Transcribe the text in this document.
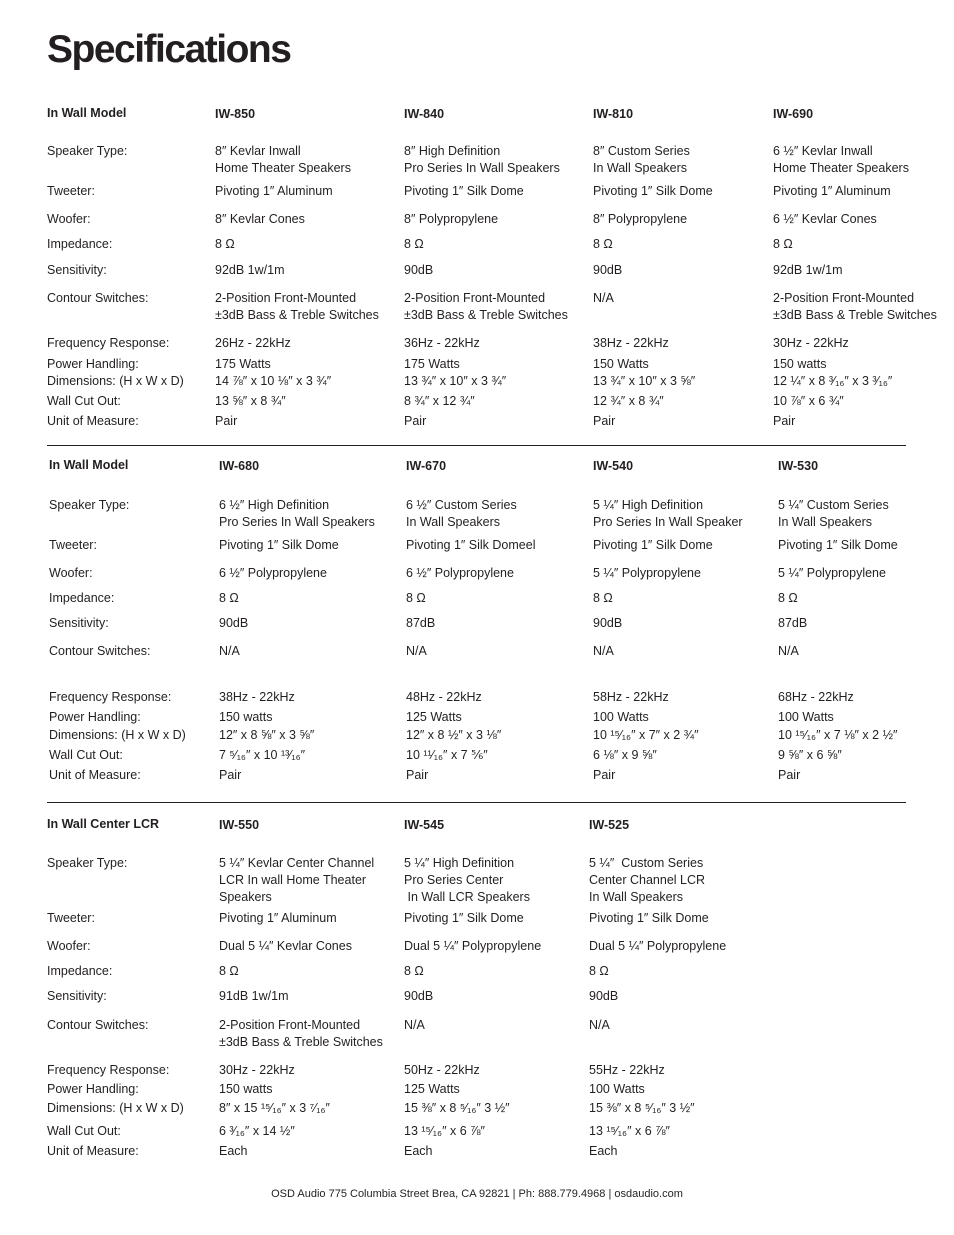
Specifications
In Wall Model
Speaker Type:
Tweeter:
Woofer:
Impedance:
Sensitivity:
Contour Switches:
Frequency Response:
Power Handling:
Dimensions: (H x W x D)
Wall Cut Out:
Unit of Measure:
IW-850
8″ Kevlar Inwall
Home Theater Speakers
Pivoting 1″ Aluminum
8″ Kevlar Cones
8 Ω
92dB 1w/1m
2-Position Front-Mounted
±3dB Bass & Treble Switches
26Hz - 22kHz
175 Watts
14 ⅞″ x 10 ⅛″ x 3 ¾″
13 ⅝″ x 8 ¾″
Pair
IW-840
8″ High Definition
Pro Series In Wall Speakers
Pivoting 1″ Silk Dome
8″ Polypropylene
8 Ω
90dB
2-Position Front-Mounted
±3dB Bass & Treble Switches
36Hz - 22kHz
175 Watts
13 ¾″ x 10″ x 3 ¾″
8 ¾″ x 12 ¾″
Pair
IW-810
8″ Custom Series
In Wall Speakers
Pivoting 1″ Silk Dome
8″ Polypropylene
8 Ω
90dB
N/A
38Hz - 22kHz
150 Watts
13 ¾″ x 10″ x 3 ⅝″
12 ¾″ x 8 ¾″
Pair
IW-690
6 ½″ Kevlar Inwall
Home Theater Speakers
Pivoting 1″ Aluminum
6 ½″ Kevlar Cones
8 Ω
92dB 1w/1m
2-Position Front-Mounted
±3dB Bass & Treble Switches
30Hz - 22kHz
150 watts
12 ¼″ x 8 ³⁄₁₆″ x 3 ³⁄₁₆″
10 ⅞″ x 6 ¾″
Pair
In Wall Model
Speaker Type:
Tweeter:
Woofer:
Impedance:
Sensitivity:
Contour Switches:
Frequency Response:
Power Handling:
Dimensions: (H x W x D)
Wall Cut Out:
Unit of Measure:
IW-680
6 ½″ High Definition
Pro Series In Wall Speakers
Pivoting 1″ Silk Dome
6 ½″ Polypropylene
8 Ω
90dB
N/A
38Hz - 22kHz
150 watts
12″ x 8 ⅝″ x 3 ⅝″
7 ⁵⁄₁₆″ x 10 ¹³⁄₁₆″
Pair
IW-670
6 ½″ Custom Series
In Wall Speakers
Pivoting 1″ Silk Domeel
6 ½″ Polypropylene
8 Ω
87dB
N/A
48Hz - 22kHz
125 Watts
12″ x 8 ½″ x 3 ⅛″
10 ¹¹⁄₁₆″ x 7 ⅚″
Pair
IW-540
5 ¼″ High Definition
Pro Series In Wall Speaker
Pivoting 1″ Silk Dome
5 ¼″ Polypropylene
8 Ω
90dB
N/A
58Hz - 22kHz
100 Watts
10 ¹⁵⁄₁₆″ x 7″ x 2 ¾″
6 ⅛″ x 9 ⅝″
Pair
IW-530
5 ¼″ Custom Series
In Wall Speakers
Pivoting 1″ Silk Dome
5 ¼″ Polypropylene
8 Ω
87dB
N/A
68Hz - 22kHz
100 Watts
10 ¹⁵⁄₁₆″ x 7 ⅛″ x 2 ½″
9 ⅝″ x 6 ⅝″
Pair
In Wall Center LCR
Speaker Type:
Tweeter:
Woofer:
Impedance:
Sensitivity:
Contour Switches:
Frequency Response:
Power Handling:
Dimensions: (H x W x D)
Wall Cut Out:
Unit of Measure:
IW-550
5 ¼″ Kevlar Center Channel
LCR In wall Home Theater
Speakers
Pivoting 1″ Aluminum
Dual 5 ¼″ Kevlar Cones
8 Ω
91dB 1w/1m
2-Position Front-Mounted
±3dB Bass & Treble Switches
30Hz - 22kHz
150 watts
8″ x 15 ¹⁵⁄₁₆″ x 3 ⁷⁄₁₆″
6 ³⁄₁₆″ x 14 ½″
Each
IW-545
5 ¼″ High Definition
Pro Series Center
In Wall LCR Speakers
Pivoting 1″ Silk Dome
Dual 5 ¼″ Polypropylene
8 Ω
90dB
N/A
50Hz - 22kHz
125 Watts
15 ⅜″ x 8 ⁵⁄₁₆″ 3 ½″
13 ¹⁵⁄₁₆″ x 6 ⅞″
Each
IW-525
5 ¼″  Custom Series
Center Channel LCR
In Wall Speakers
Pivoting 1″ Silk Dome
Dual 5 ¼″ Polypropylene
8 Ω
90dB
N/A
55Hz - 22kHz
100 Watts
15 ⅜″ x 8 ⁵⁄₁₆″ 3 ½″
13 ¹⁵⁄₁₆″ x 6 ⅞″
Each
OSD Audio 775 Columbia Street Brea, CA 92821 | Ph: 888.779.4968 | osdaudio.com
